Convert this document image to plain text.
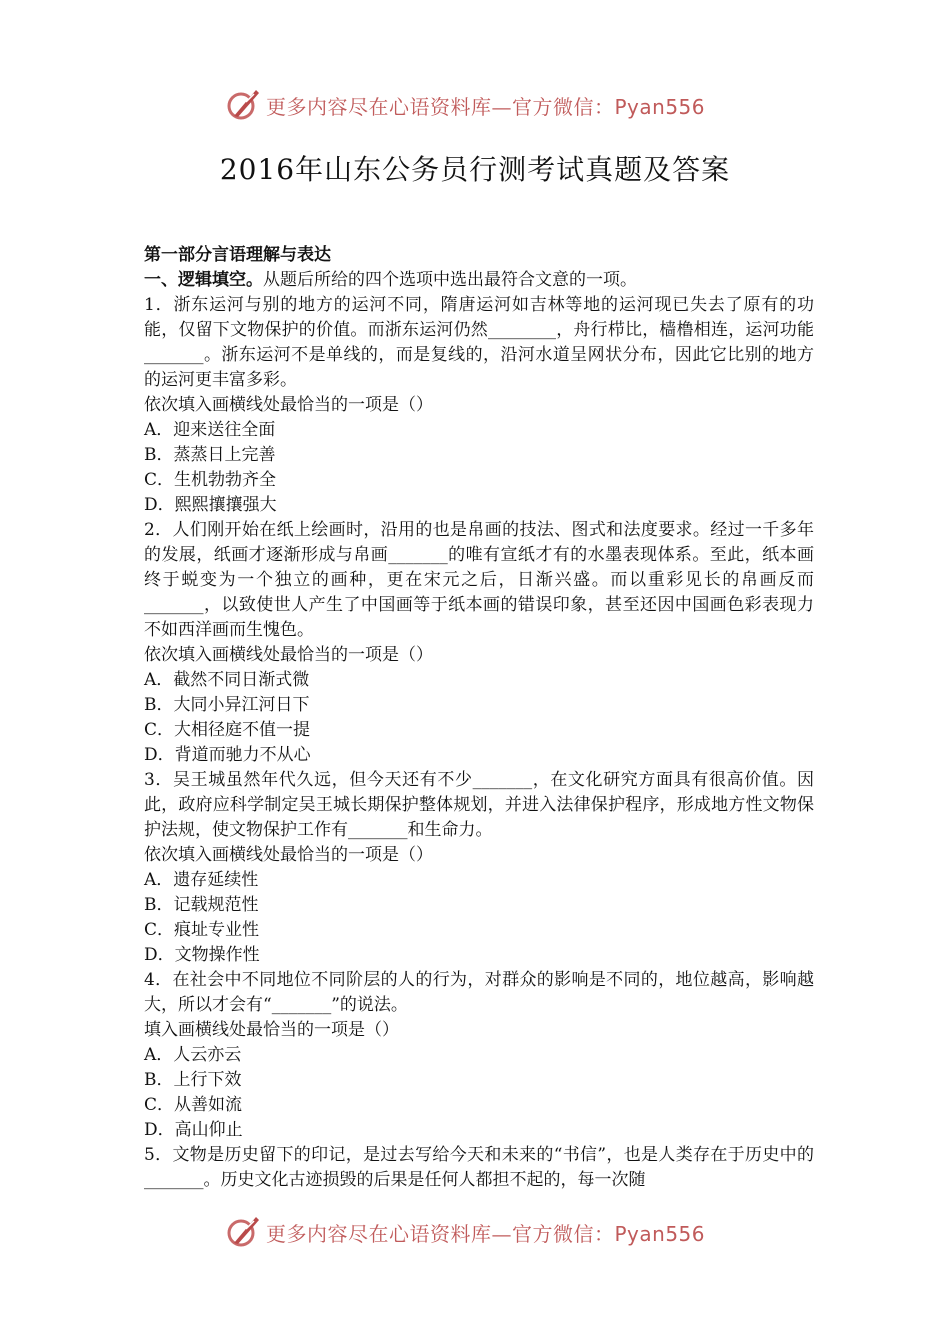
更多内容尽在心语资料库—官方微信：Pyan556
2016年山东公务员行测考试真题及答案

第一部分言语理解与表达

一、逻辑填空。从题后所给的四个选项中选出最符合文意的一项。

1．浙东运河与别的地方的运河不同，隋唐运河如吉林等地的运河现已失去了原有的功能，仅留下文物保护的价值。而浙东运河仍然________，舟行栉比，樯橹相连，运河功能_______。浙东运河不是单线的，而是复线的，沿河水道呈网状分布，因此它比别的地方的运河更丰富多彩。

依次填入画横线处最恰当的一项是（）

A．迎来送往全面

B．蒸蒸日上完善

C．生机勃勃齐全

D．熙熙攘攘强大

2．人们刚开始在纸上绘画时，沿用的也是帛画的技法、图式和法度要求。经过一千多年的发展，纸画才逐渐形成与帛画_______的唯有宣纸才有的水墨表现体系。至此，纸本画终于蜕变为一个独立的画种，更在宋元之后，日渐兴盛。而以重彩见长的帛画反而_______，以致使世人产生了中国画等于纸本画的错误印象，甚至还因中国画色彩表现力不如西洋画而生愧色。

依次填入画横线处最恰当的一项是（）

A．截然不同日渐式微

B．大同小异江河日下

C．大相径庭不值一提

D．背道而驰力不从心

3．吴王城虽然年代久远，但今天还有不少_______，在文化研究方面具有很高价值。因此，政府应科学制定吴王城长期保护整体规划，并进入法律保护程序，形成地方性文物保护法规，使文物保护工作有_______和生命力。

依次填入画横线处最恰当的一项是（）

A．遗存延续性

B．记载规范性

C．痕址专业性

D．文物操作性

4．在社会中不同地位不同阶层的人的行为，对群众的影响是不同的，地位越高，影响越大，所以才会有“_______”的说法。

填入画横线处最恰当的一项是（）

A．人云亦云

B．上行下效

C．从善如流

D．高山仰止

5．文物是历史留下的印记，是过去写给今天和未来的“书信”，也是人类存在于历史中的_______。历史文化古迹损毁的后果是任何人都担不起的，每一次随

更多内容尽在心语资料库—官方微信：Pyan556
